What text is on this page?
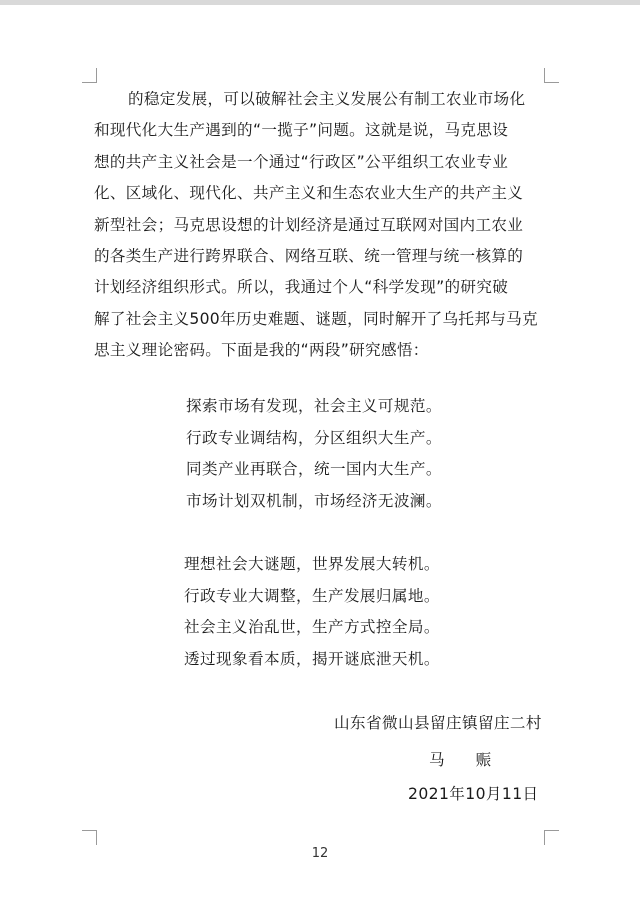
的稳定发展，可以破解社会主义发展公有制工农业市场化
和现代化大生产遇到的“一揽子”问题。这就是说，马克思设
想的共产主义社会是一个通过“行政区”公平组织工农业专业
化、区域化、现代化、共产主义和生态农业大生产的共产主义
新型社会；马克思设想的计划经济是通过互联网对国内工农业
的各类生产进行跨界联合、网络互联、统一管理与统一核算的
计划经济组织形式。所以，我通过个人“科学发现”的研究破
解了社会主义500年历史难题、谜题，同时解开了乌托邦与马克
思主义理论密码。下面是我的“两段”研究感悟：
探索市场有发现，社会主义可规范。
行政专业调结构，分区组织大生产。
同类产业再联合，统一国内大生产。
市场计划双机制，市场经济无波澜。
理想社会大谜题，世界发展大转机。
行政专业大调整，生产发展归属地。
社会主义治乱世，生产方式控全局。
透过现象看本质，揭开谜底泄天机。
山东省微山县留庄镇留庄二村
马 赈
2021年10月11日
12
